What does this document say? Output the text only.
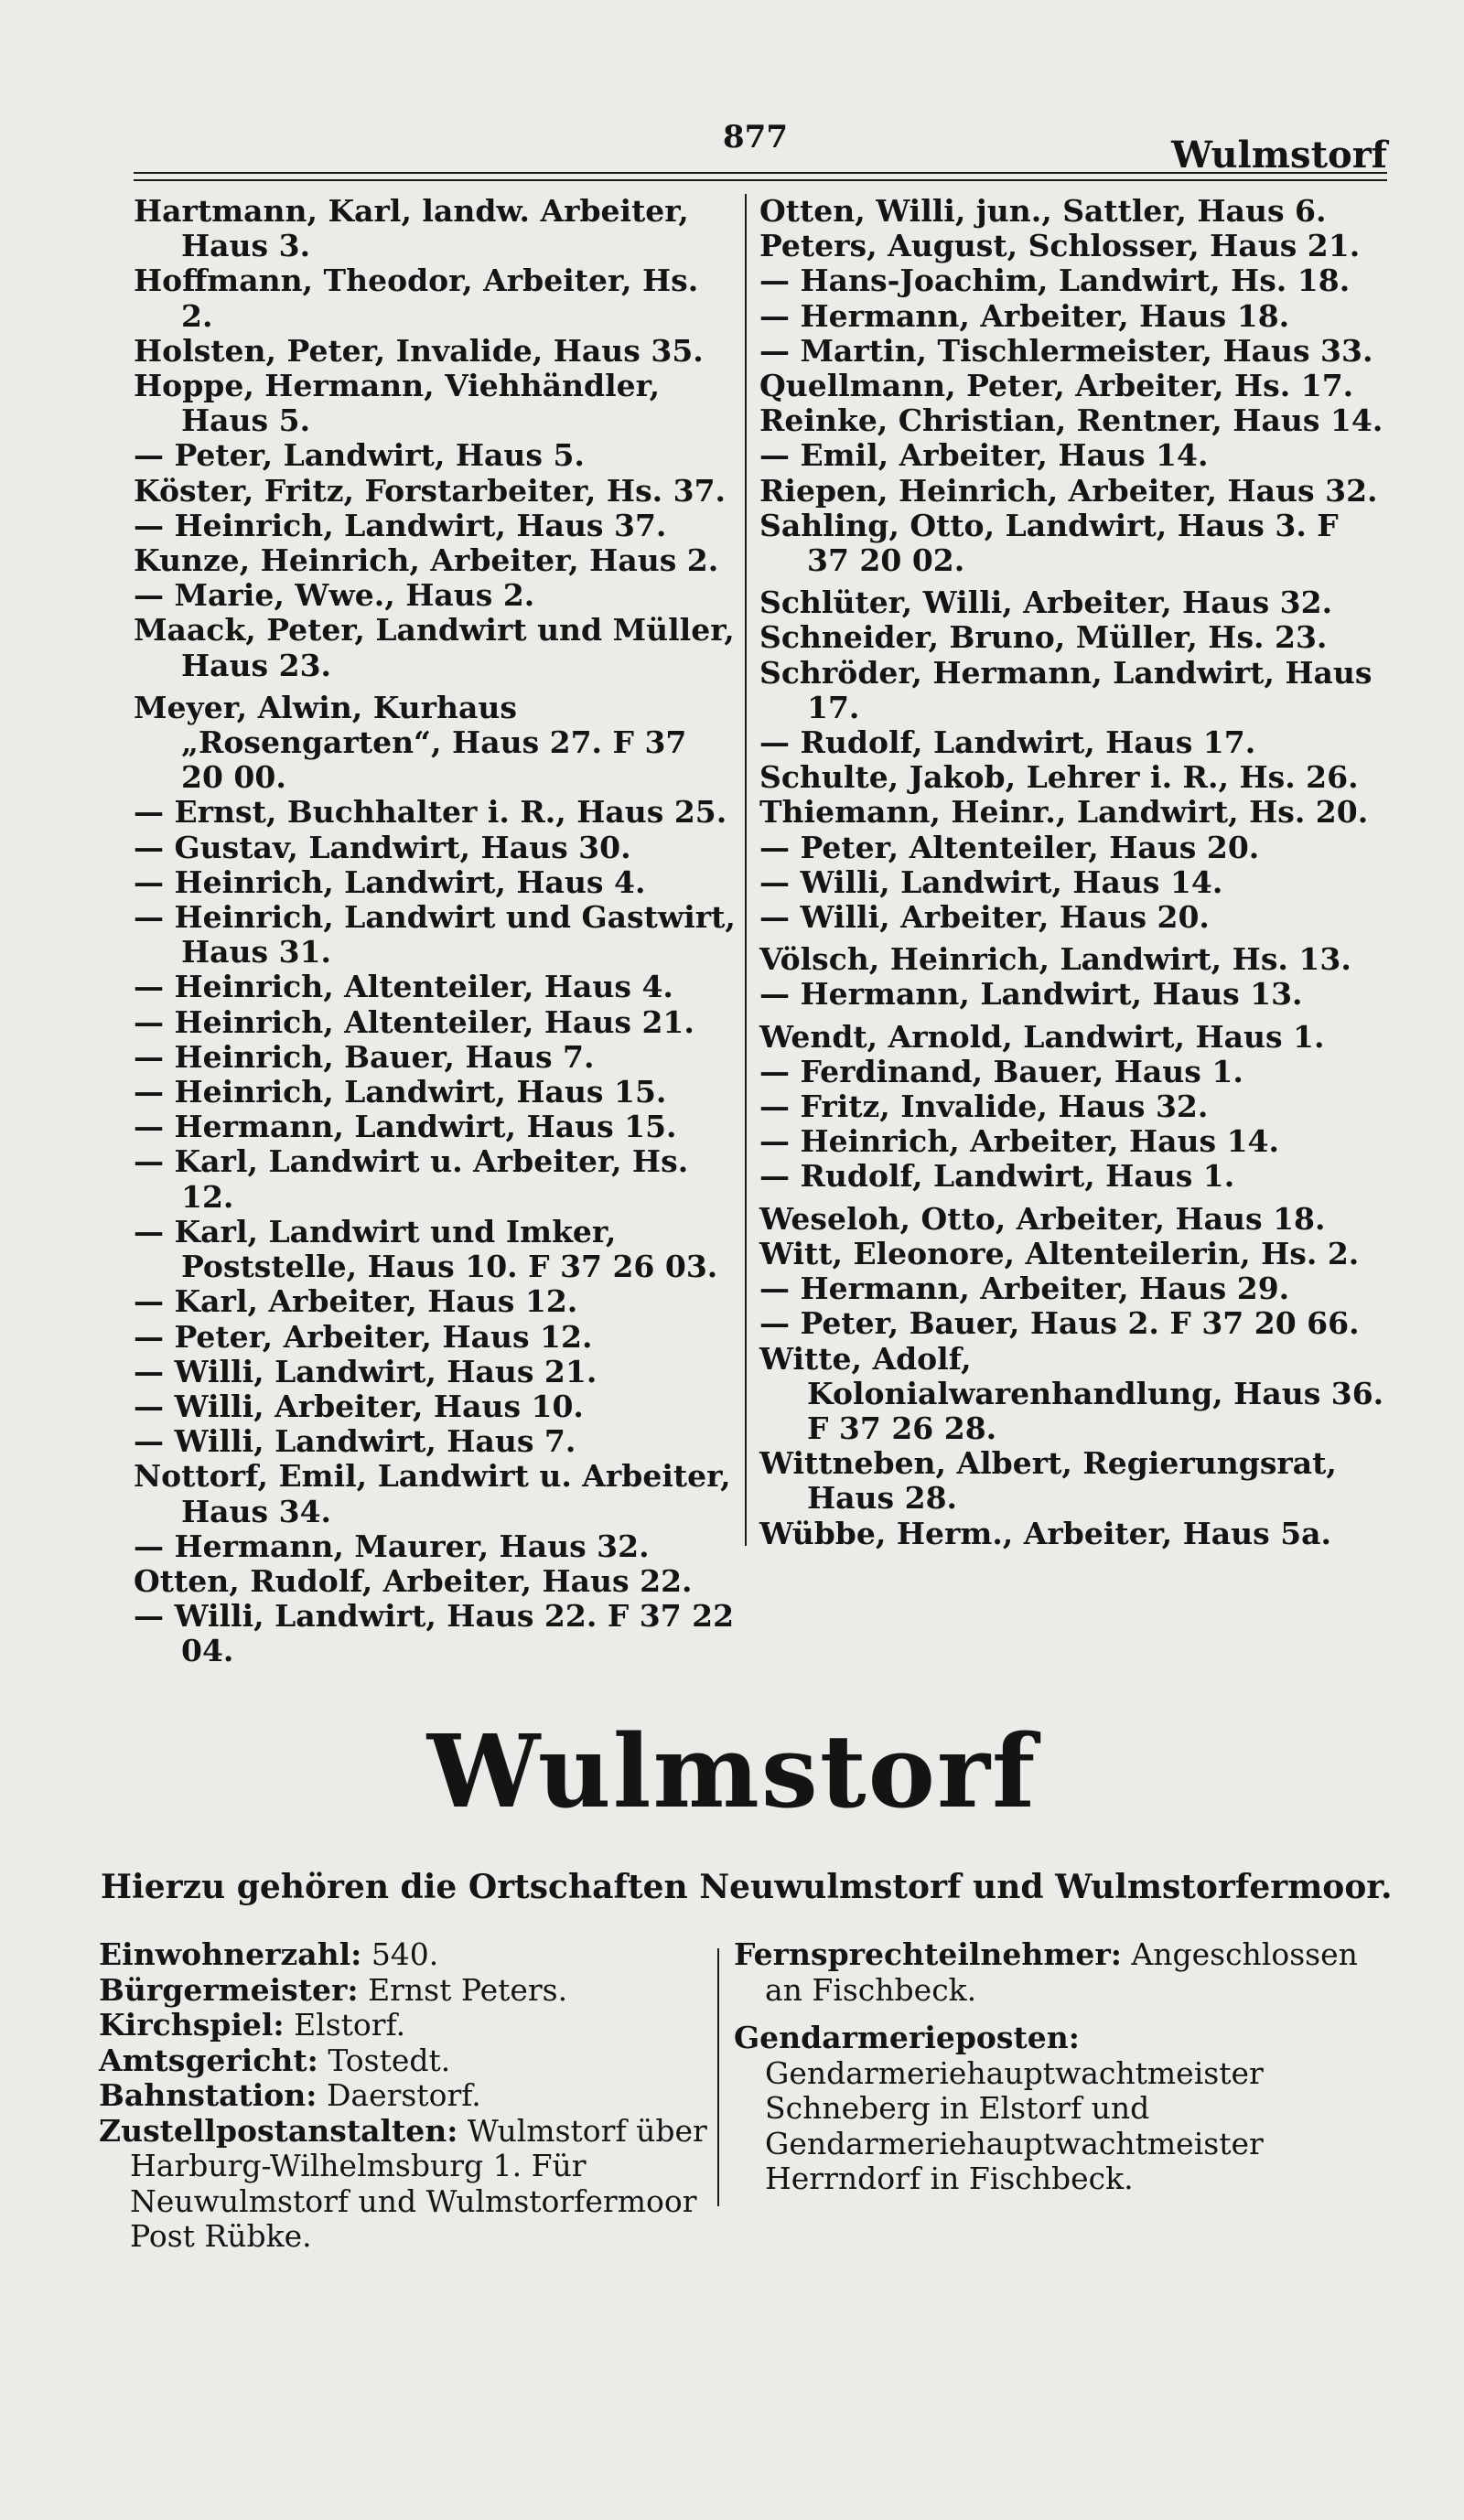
877	Wulmstorf

Hartmann, Karl, landw. Arbeiter, Haus 3.

Hoffmann, Theodor, Arbeiter, Hs. 2.

Holsten, Peter, Invalide, Haus 35.

Hoppe, Hermann, Viehhändler, Haus 5.

— Peter, Landwirt, Haus 5.

Köster, Fritz, Forstarbeiter, Hs. 37.

— Heinrich, Landwirt, Haus 37.

Kunze, Heinrich, Arbeiter, Haus 2.

— Marie, Wwe., Haus 2.

Maack, Peter, Landwirt und Müller, Haus 23.

Meyer, Alwin, Kurhaus „Rosengarten“, Haus 27. F 37 20 00.

— Ernst, Buchhalter i. R., Haus 25.

— Gustav, Landwirt, Haus 30.

— Heinrich, Landwirt, Haus 4.

— Heinrich, Landwirt und Gastwirt, Haus 31.

— Heinrich, Altenteiler, Haus 4.

— Heinrich, Altenteiler, Haus 21.

— Heinrich, Bauer, Haus 7.

— Heinrich, Landwirt, Haus 15.

— Hermann, Landwirt, Haus 15.

— Karl, Landwirt u. Arbeiter, Hs. 12.

— Karl, Landwirt und Imker, Poststelle, Haus 10. F 37 26 03.

— Karl, Arbeiter, Haus 12.

— Peter, Arbeiter, Haus 12.

— Willi, Landwirt, Haus 21.

— Willi, Arbeiter, Haus 10.

— Willi, Landwirt, Haus 7.

Nottorf, Emil, Landwirt u. Arbeiter, Haus 34.

— Hermann, Maurer, Haus 32.

Otten, Rudolf, Arbeiter, Haus 22.

— Willi, Landwirt, Haus 22. F 37 22 04.

Otten, Willi, jun., Sattler, Haus 6.

Peters, August, Schlosser, Haus 21.

— Hans-Joachim, Landwirt, Hs. 18.

— Hermann, Arbeiter, Haus 18.

— Martin, Tischlermeister, Haus 33.

Quellmann, Peter, Arbeiter, Hs. 17.

Reinke, Christian, Rentner, Haus 14.

— Emil, Arbeiter, Haus 14.

Riepen, Heinrich, Arbeiter, Haus 32.

Sahling, Otto, Landwirt, Haus 3. F 37 20 02.

Schlüter, Willi, Arbeiter, Haus 32.

Schneider, Bruno, Müller, Hs. 23.

Schröder, Hermann, Landwirt, Haus 17.

— Rudolf, Landwirt, Haus 17.

Schulte, Jakob, Lehrer i. R., Hs. 26.

Thiemann, Heinr., Landwirt, Hs. 20.

— Peter, Altenteiler, Haus 20.

— Willi, Landwirt, Haus 14.

— Willi, Arbeiter, Haus 20.

Völsch, Heinrich, Landwirt, Hs. 13.

— Hermann, Landwirt, Haus 13.

Wendt, Arnold, Landwirt, Haus 1.

— Ferdinand, Bauer, Haus 1.

— Fritz, Invalide, Haus 32.

— Heinrich, Arbeiter, Haus 14.

— Rudolf, Landwirt, Haus 1.

Weseloh, Otto, Arbeiter, Haus 18.

Witt, Eleonore, Altenteilerin, Hs. 2.

— Hermann, Arbeiter, Haus 29.

— Peter, Bauer, Haus 2. F 37 20 66.

Witte, Adolf, Kolonialwarenhandlung, Haus 36. F 37 26 28.

Wittneben, Albert, Regierungsrat, Haus 28.

Wübbe, Herm., Arbeiter, Haus 5a.

Wulmstorf
Hierzu gehören die Ortschaften Neuwulmstorf und Wulmstorfermoor.

Einwohnerzahl: 540.

Bürgermeister: Ernst Peters.

Kirchspiel: Elstorf.

Amtsgericht: Tostedt.

Bahnstation: Daerstorf.

Zustellpostanstalten: Wulmstorf über Harburg-Wilhelmsburg 1. Für Neuwulmstorf und Wulmstorfermoor Post Rübke.

Fernsprechteilnehmer: Angeschlossen an Fischbeck.

Gendarmerieposten: Gendarmeriehauptwachtmeister Schneberg in Elstorf und Gendarmeriehauptwachtmeister Herrndorf in Fischbeck.
